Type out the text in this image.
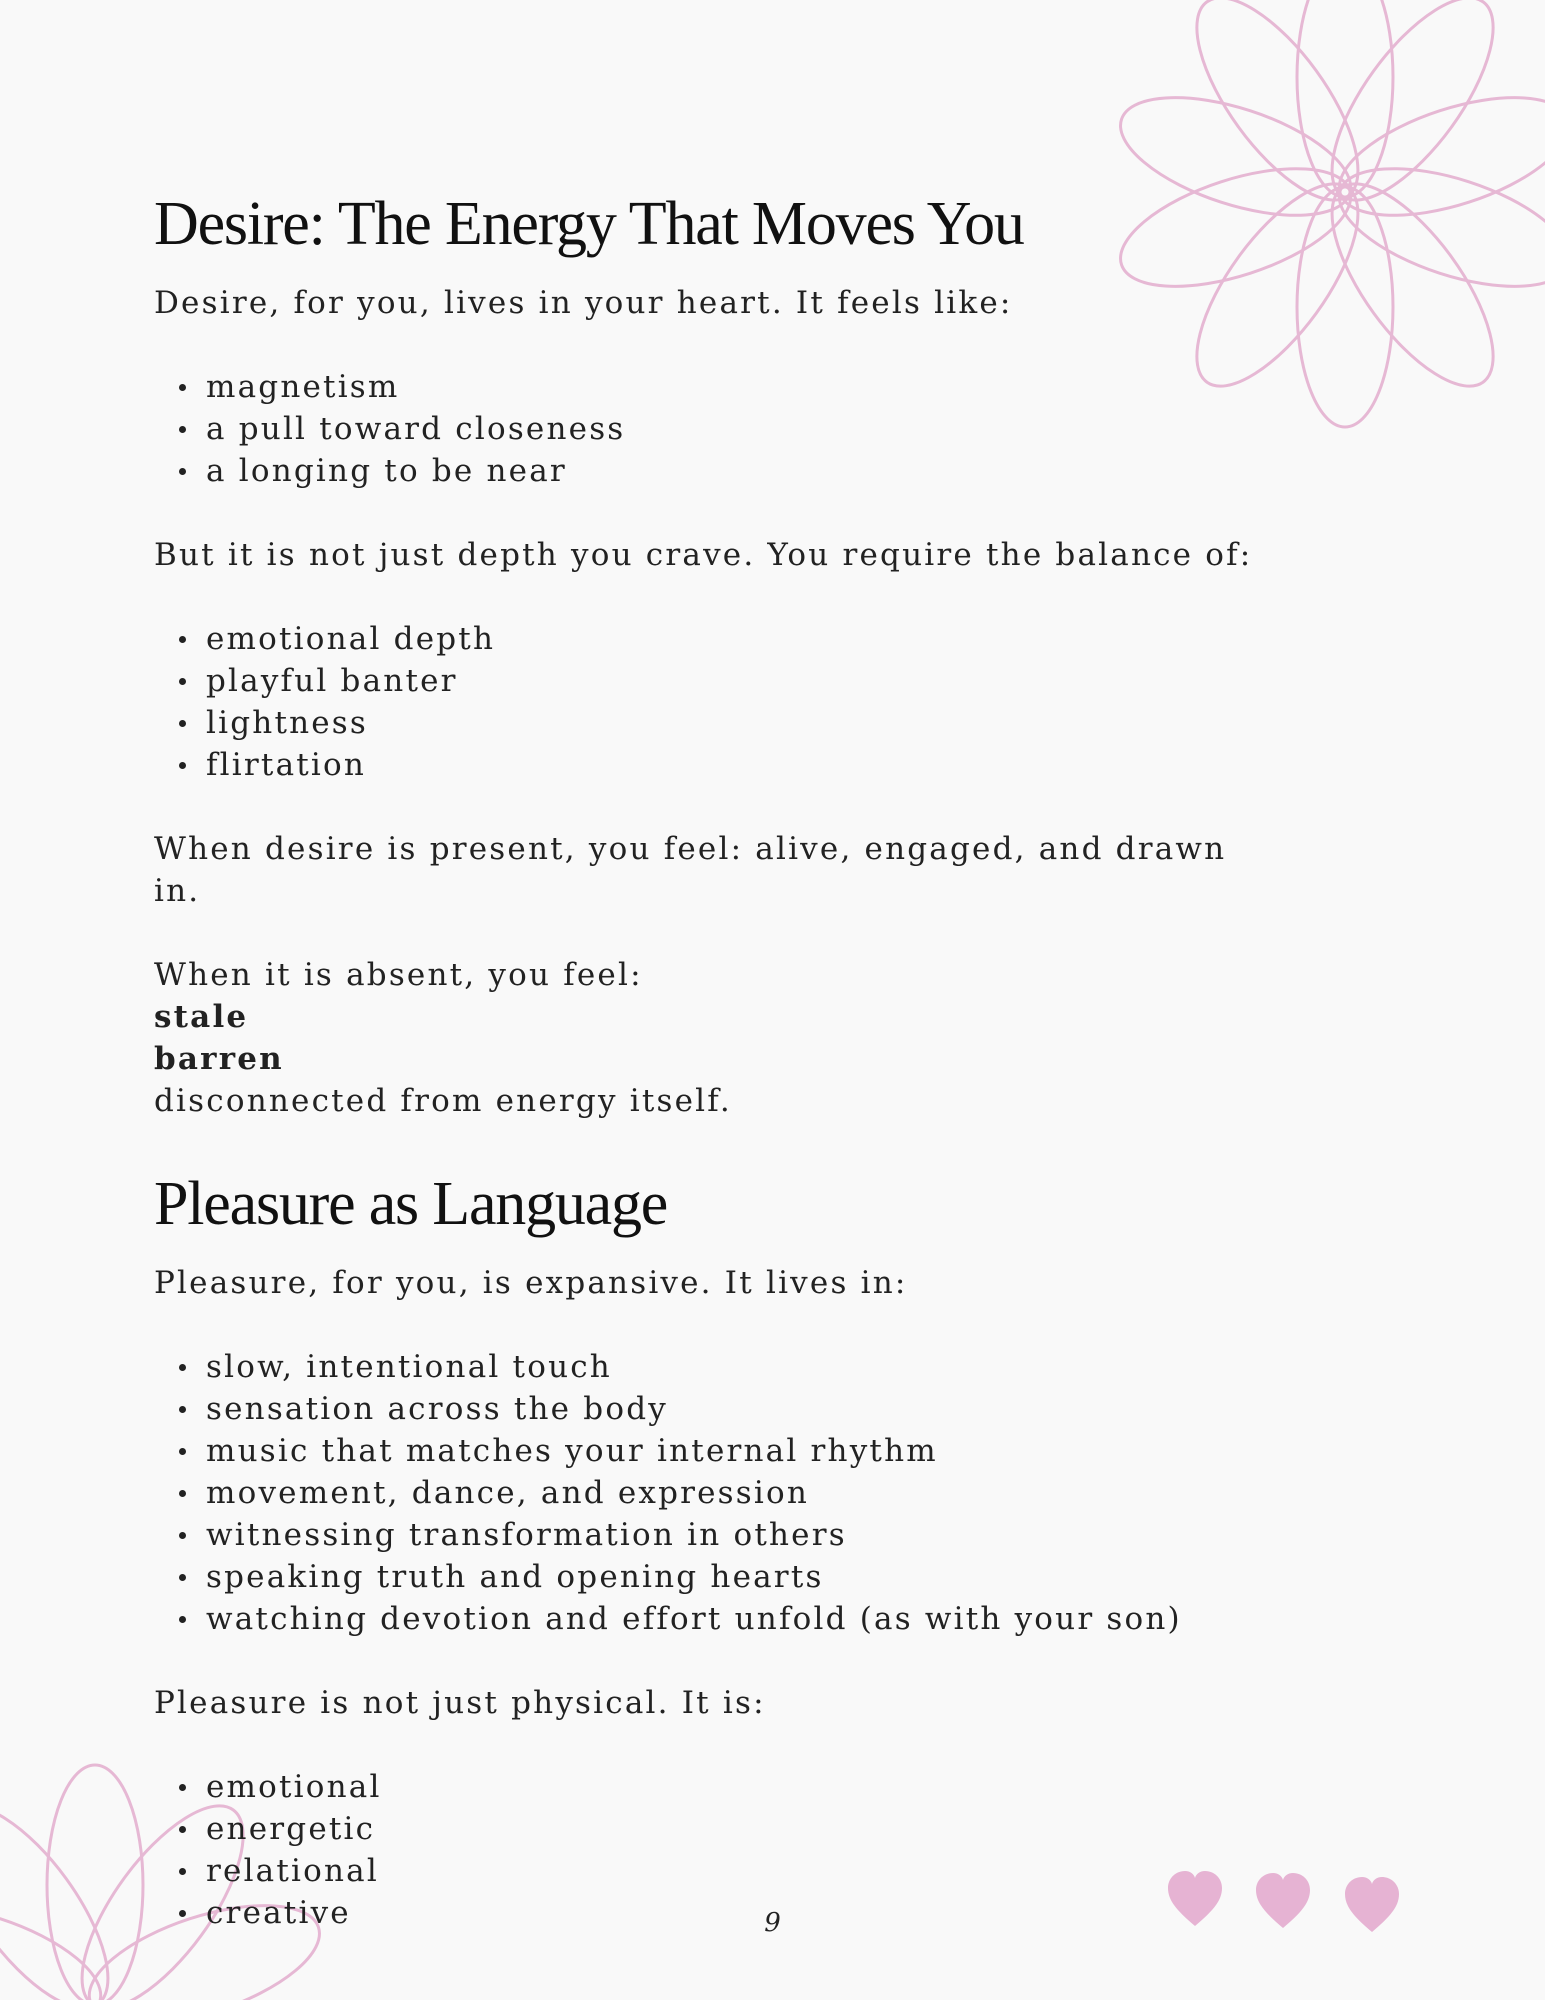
Desire: The Energy That Moves You

Desire, for you, lives in your heart. It feels like:

magnetism
a pull toward closeness
a longing to be near

But it is not just depth you crave. You require the balance of:

emotional depth
playful banter
lightness
flirtation

When desire is present, you feel: alive, engaged, and drawn in.

When it is absent, you feel:

stale

barren

disconnected from energy itself.

Pleasure as Language

Pleasure, for you, is expansive. It lives in:

slow, intentional touch
sensation across the body
music that matches your internal rhythm
movement, dance, and expression
witnessing transformation in others
speaking truth and opening hearts
watching devotion and effort unfold (as with your son)

Pleasure is not just physical. It is:

emotional
energetic
relational
creative	9
